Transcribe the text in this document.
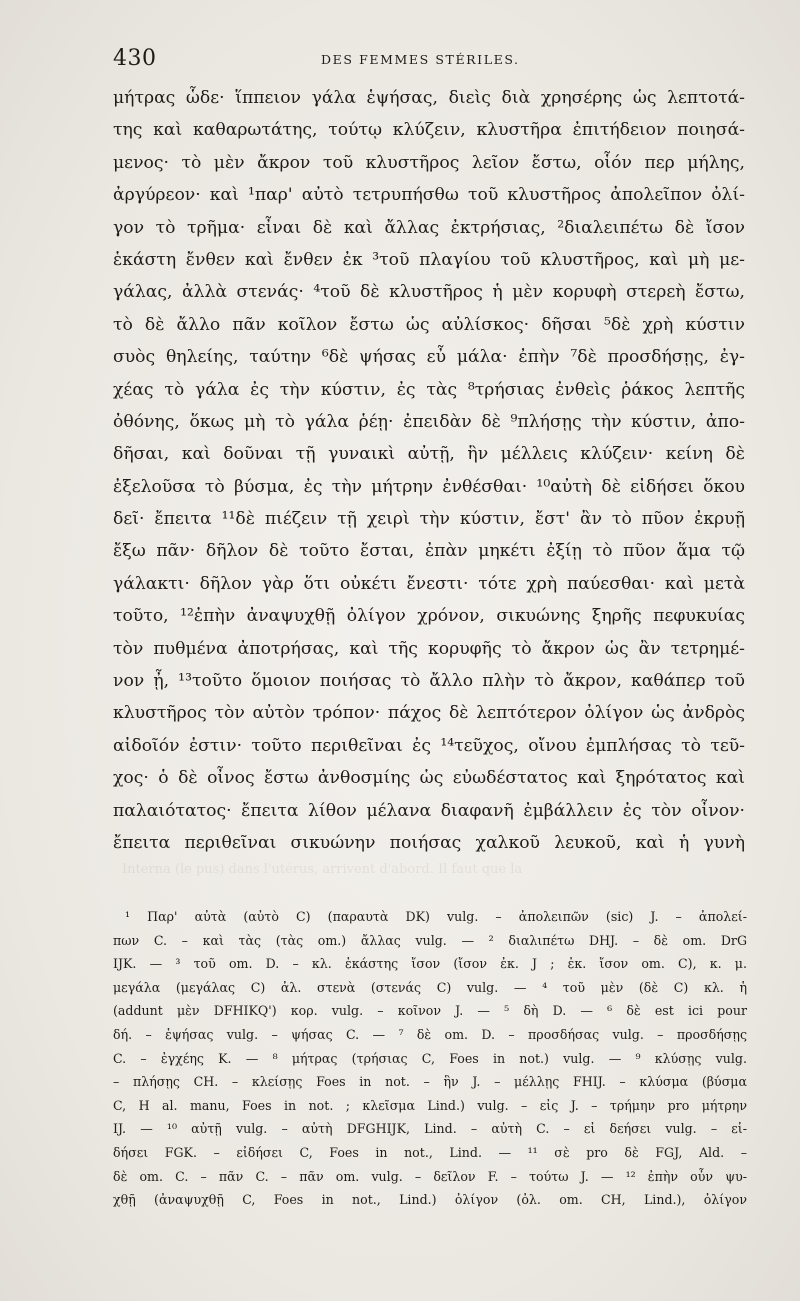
430	DES FEMMES STÉRILES.
μήτρας ὧδε· ἵππειον γάλα ἑψήσας, διεὶς διὰ χρησέρης ὡς λεπτοτά-
της καὶ καθαρωτάτης, τούτῳ κλύζειν, κλυστῆρα ἐπιτήδειον ποιησά-
μενος· τὸ μὲν ἄκρον τοῦ κλυστῆρος λεῖον ἔστω, οἷόν περ μήλης,
ἀργύρεον· καὶ ¹παρ' αὐτὸ τετρυπήσθω τοῦ κλυστῆρος ἀπολεῖπον ὀλί-
γον τὸ τρῆμα· εἶναι δὲ καὶ ἄλλας ἐκτρήσιας, ²διαλειπέτω δὲ ἴσον
ἑκάστη ἔνθεν καὶ ἔνθεν ἐκ ³τοῦ πλαγίου τοῦ κλυστῆρος, καὶ μὴ με-
γάλας, ἀλλὰ στενάς· ⁴τοῦ δὲ κλυστῆρος ἡ μὲν κορυφὴ στερεὴ ἔστω,
τὸ δὲ ἄλλο πᾶν κοῖλον ἔστω ὡς αὐλίσκος· δῆσαι ⁵δὲ χρὴ κύστιν
συὸς θηλείης, ταύτην ⁶δὲ ψήσας εὖ μάλα· ἐπὴν ⁷δὲ προσδήσῃς, ἐγ-
χέας τὸ γάλα ἐς τὴν κύστιν, ἐς τὰς ⁸τρήσιας ἐνθεὶς ῥάκος λεπτῆς
ὀθόνης, ὅκως μὴ τὸ γάλα ῥέῃ· ἐπειδὰν δὲ ⁹πλήσῃς τὴν κύστιν, ἀπο-
δῆσαι, καὶ δοῦναι τῇ γυναικὶ αὐτῇ, ἣν μέλλεις κλύζειν· κείνη δὲ
ἐξελοῦσα τὸ βύσμα, ἐς τὴν μήτρην ἐνθέσθαι· ¹⁰αὐτὴ δὲ εἰδήσει ὅκου
δεῖ· ἔπειτα ¹¹δὲ πιέζειν τῇ χειρὶ τὴν κύστιν, ἔστ' ἂν τὸ πῦον ἐκρυῇ
ἔξω πᾶν· δῆλον δὲ τοῦτο ἔσται, ἐπὰν μηκέτι ἐξίῃ τὸ πῦον ἅμα τῷ
γάλακτι· δῆλον γὰρ ὅτι οὐκέτι ἔνεστι· τότε χρὴ παύεσθαι· καὶ μετὰ
τοῦτο, ¹²ἐπὴν ἀναψυχθῇ ὀλίγον χρόνον, σικυώνης ξηρῆς πεφυκυίας
τὸν πυθμένα ἀποτρήσας, καὶ τῆς κορυφῆς τὸ ἄκρον ὡς ἂν τετρημέ-
νον ᾖ, ¹³τοῦτο ὅμοιον ποιήσας τὸ ἄλλο πλὴν τὸ ἄκρον, καθάπερ τοῦ
κλυστῆρος τὸν αὐτὸν τρόπον· πάχος δὲ λεπτότερον ὀλίγον ὡς ἀνδρὸς
αἰδοῖόν ἐστιν· τοῦτο περιθεῖναι ἐς ¹⁴τεῦχος, οἴνου ἐμπλήσας τὸ τεῦ-
χος· ὁ δὲ οἶνος ἔστω ἀνθοσμίης ὡς εὐωδέστατος καὶ ξηρότατος καὶ
παλαιότατος· ἔπειτα λίθον μέλανα διαφανῆ ἐμβάλλειν ἐς τὸν οἶνον·
ἔπειτα περιθεῖναι σικυώνην ποιήσας χαλκοῦ λευκοῦ, καὶ ἡ γυνὴ
Interna (le pus) dans l'utérus, arrivent d'abord. Il faut que la
¹ Παρ' αὐτὰ (αὐτὸ C) (παραυτὰ DK) vulg. – ἀπολειπῶν (sic) J. – ἀπολεί-
πων C. – καὶ τὰς (τὰς om.) ἄλλας vulg. — ² διαλιπέτω DHJ. – δὲ om. DrG
IJK. — ³ τοῦ om. D. – κλ. ἑκάστης ἴσον (ἴσον ἐκ. J ; ἐκ. ἴσον om. C), κ. μ.
μεγάλα (μεγάλας C) ἀλ. στενὰ (στενάς C) vulg. — ⁴ τοῦ μὲν (δὲ C) κλ. ἡ
(addunt μὲν DFHIKQ') κορ. vulg. – κοῖνον J. — ⁵ δὴ D. — ⁶ δὲ est ici pour
δή. – ἑψήσας vulg. – ψήσας C. — ⁷ δὲ om. D. – προσδήσας vulg. – προσδήσῃς
C. – ἐγχέης K. — ⁸ μήτρας (τρήσιας C, Foes in not.) vulg. — ⁹ κλύσῃς vulg.
– πλήσῃς CH. – κλείσῃς Foes in not. – ἣν J. – μέλλῃς FHIJ. – κλύσμα (βύσμα
C, H al. manu, Foes in not. ; κλεῖσμα Lind.) vulg. – εἰς J. – τρήμην pro μήτρην
IJ. — ¹⁰ αὐτῇ vulg. – αὐτὴ DFGHIJK, Lind. – αὐτὴ C. – εἰ δεήσει vulg. – εἰ-
δήσει FGK. – εἰδήσει C, Foes in not., Lind. — ¹¹ σὲ pro δὲ FGJ, Ald. –
δὲ om. C. – πᾶν C. – πᾶν om. vulg. – δεῖλον F. – τούτω J. — ¹² ἐπὴν οὖν ψυ-
χθῇ (ἀναψυχθῇ C, Foes in not., Lind.) ὀλίγον (ὀλ. om. CH, Lind.), ὀλίγον
